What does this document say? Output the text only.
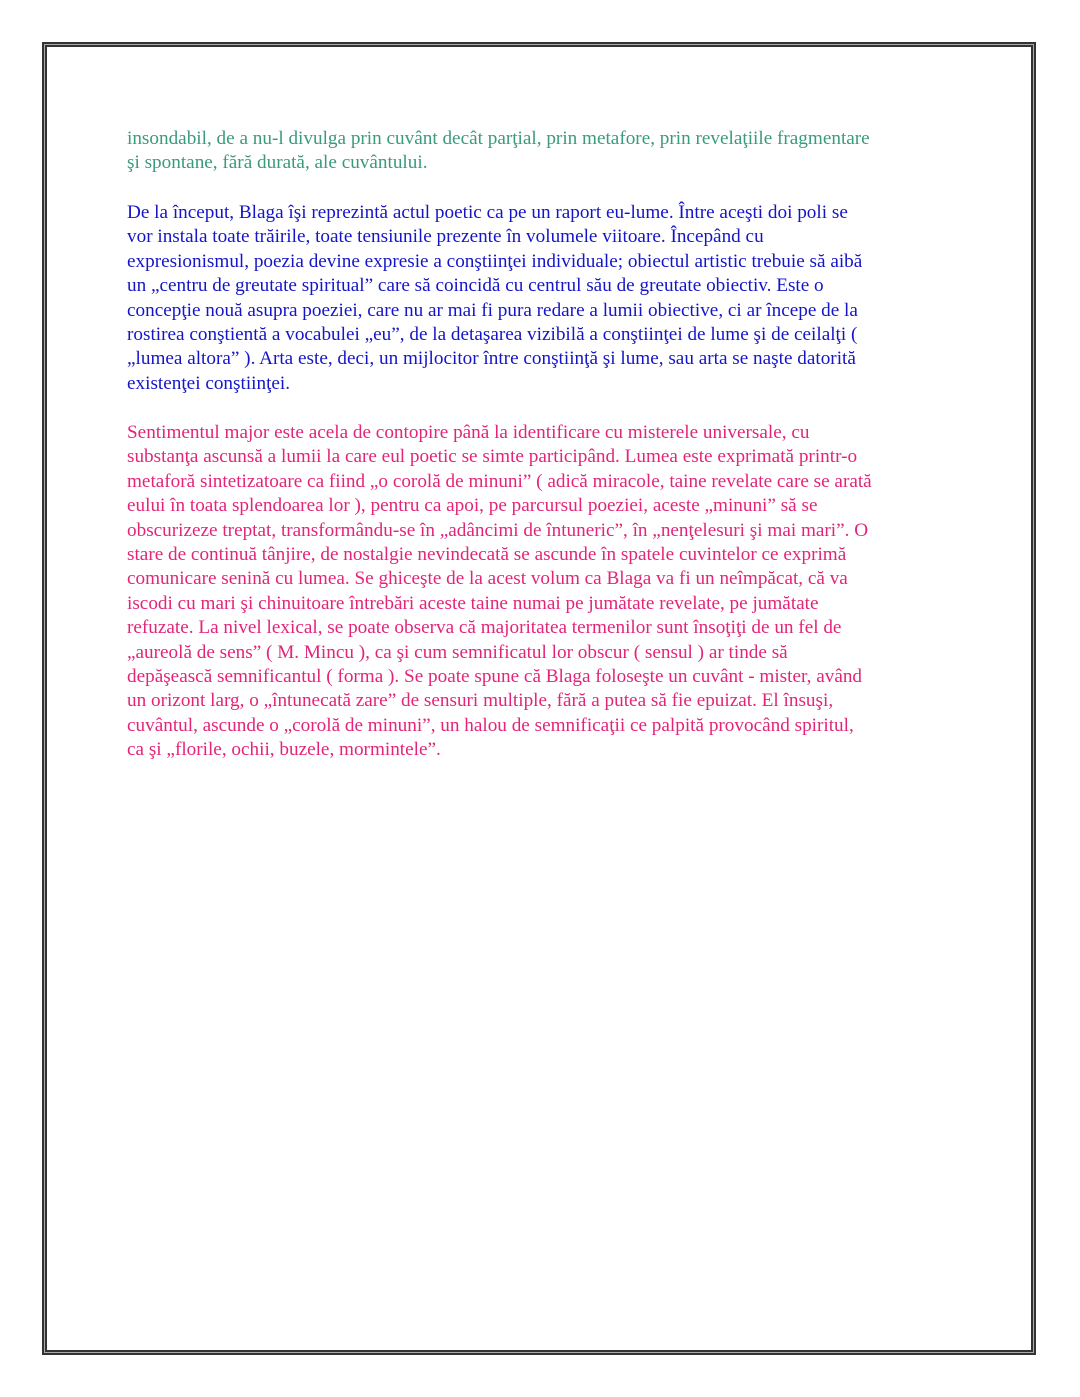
insondabil, de a nu-l divulga prin cuvânt decât parţial, prin metafore, prin revelaţiile fragmentare
şi spontane, fără durată, ale cuvântului.
De la început, Blaga îşi reprezintă actul poetic ca pe un raport eu-lume. Între aceşti doi poli se
vor instala toate trăirile, toate tensiunile prezente în volumele viitoare. Începând cu
expresionismul, poezia devine expresie a conştiinţei individuale; obiectul artistic trebuie să aibă
un „centru de greutate spiritual” care să coincidă cu centrul său de greutate obiectiv. Este o
concepţie nouă asupra poeziei, care nu ar mai fi pura redare a lumii obiective, ci ar începe de la
rostirea conştientă a vocabulei „eu”, de la detaşarea vizibilă a conştiinţei de lume şi de ceilalţi (
„lumea altora” ). Arta este, deci, un mijlocitor între conştiinţă şi lume, sau arta se naşte datorită
existenţei conştiinţei.
Sentimentul major este acela de contopire până la identificare cu misterele universale, cu
substanţa ascunsă a lumii la care eul poetic se simte participând. Lumea este exprimată printr-o
metaforă sintetizatoare ca fiind „o corolă de minuni” ( adică miracole, taine revelate care se arată
eului în toata splendoarea lor ), pentru ca apoi, pe parcursul poeziei, aceste „minuni” să se
obscurizeze treptat, transformându-se în „adâncimi de întuneric”, în „nenţelesuri şi mai mari”. O
stare de continuă tânjire, de nostalgie nevindecată se ascunde în spatele cuvintelor ce exprimă
comunicare senină cu lumea. Se ghiceşte de la acest volum ca Blaga va fi un neîmpăcat, că va
iscodi cu mari şi chinuitoare întrebări aceste taine numai pe jumătate revelate, pe jumătate
refuzate. La nivel lexical, se poate observa că majoritatea termenilor sunt însoţiţi de un fel de
„aureolă de sens” ( M. Mincu ), ca şi cum semnificatul lor obscur ( sensul ) ar tinde să
depăşească semnificantul ( forma ). Se poate spune că Blaga foloseşte un cuvânt - mister, având
un orizont larg, o „întunecată zare” de sensuri multiple, fără a putea să fie epuizat. El însuşi,
cuvântul, ascunde o „corolă de minuni”, un halou de semnificaţii ce palpită provocând spiritul,
ca şi „florile, ochii, buzele, mormintele”.
